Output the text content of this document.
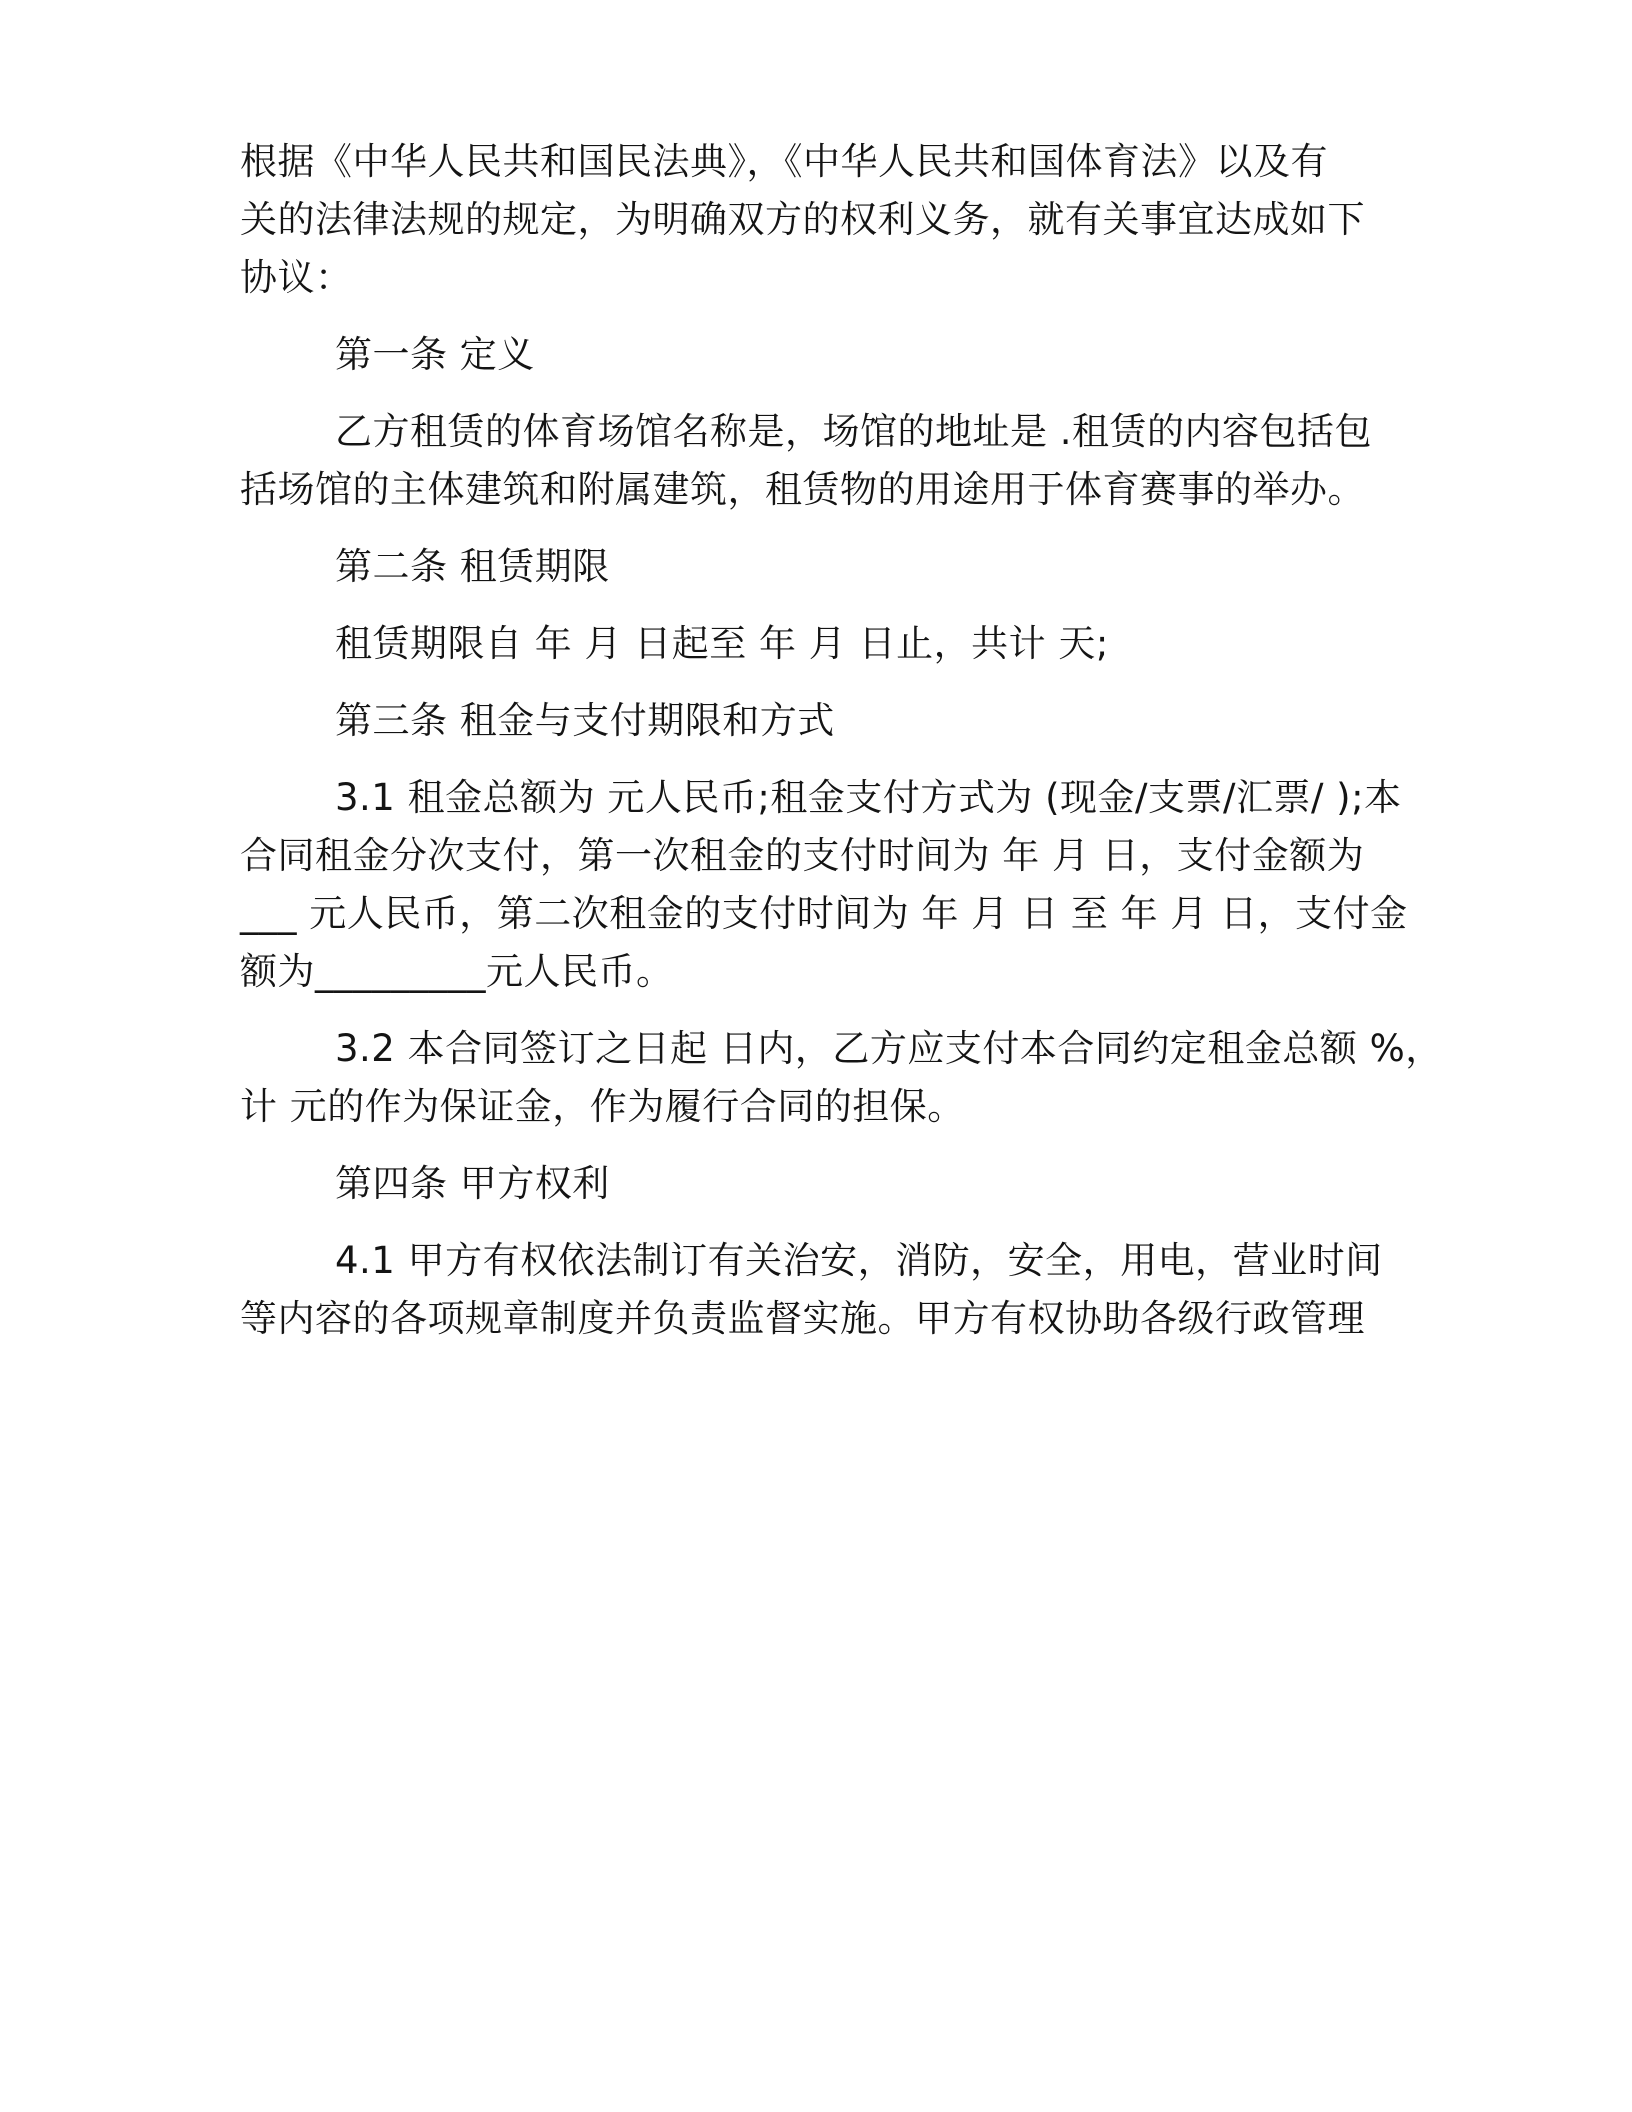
根据《中华人民共和国民法典》，《中华人民共和国体育法》以及有
关的法律法规的规定，为明确双方的权利义务，就有关事宜达成如下
协议：
第一条 定义
乙方租赁的体育场馆名称是，场馆的地址是 .租赁的内容包括包
括场馆的主体建筑和附属建筑，租赁物的用途用于体育赛事的举办。
第二条 租赁期限
租赁期限自 年 月 日起至 年 月 日止，共计 天;
第三条 租金与支付期限和方式
3.1 租金总额为 元人民币;租金支付方式为 (现金/支票/汇票/ );本
合同租金分次支付，第一次租金的支付时间为 年 月 日，支付金额为
___ 元人民币，第二次租金的支付时间为 年 月 日 至 年 月 日，支付金
额为_________元人民币。
3.2 本合同签订之日起 日内，乙方应支付本合同约定租金总额 %，
计 元的作为保证金，作为履行合同的担保。
第四条 甲方权利
4.1 甲方有权依法制订有关治安，消防，安全，用电，营业时间
等内容的各项规章制度并负责监督实施。甲方有权协助各级行政管理
